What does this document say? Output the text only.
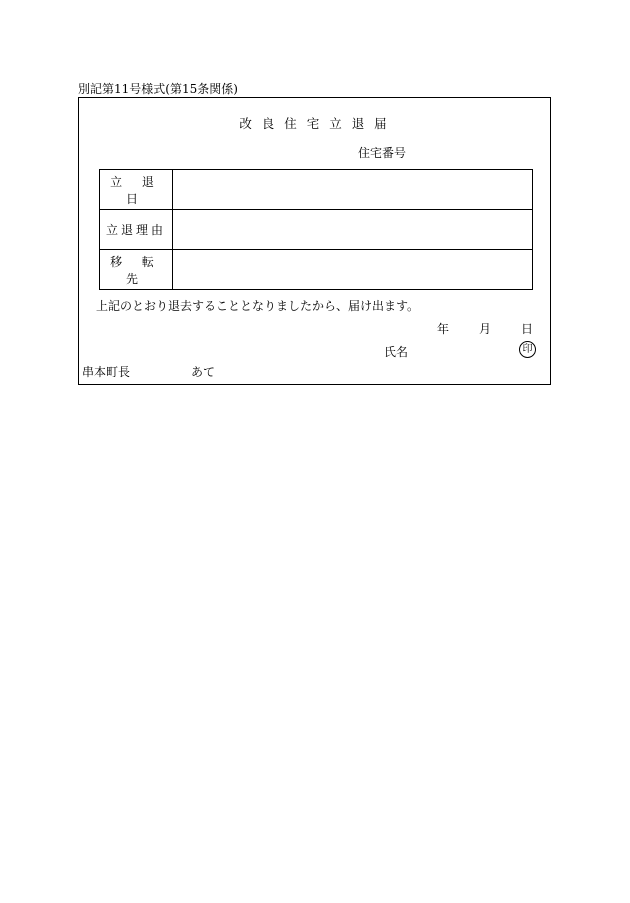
別記第11号様式(第15条関係)
改 良 住 宅 立 退 届
住宅番号
立 退 日	
立退理由	
移 転 先	
上記のとおり退去することとなりましたから、届け出ます。
年	月	日
氏名	印
串本町長	あて
